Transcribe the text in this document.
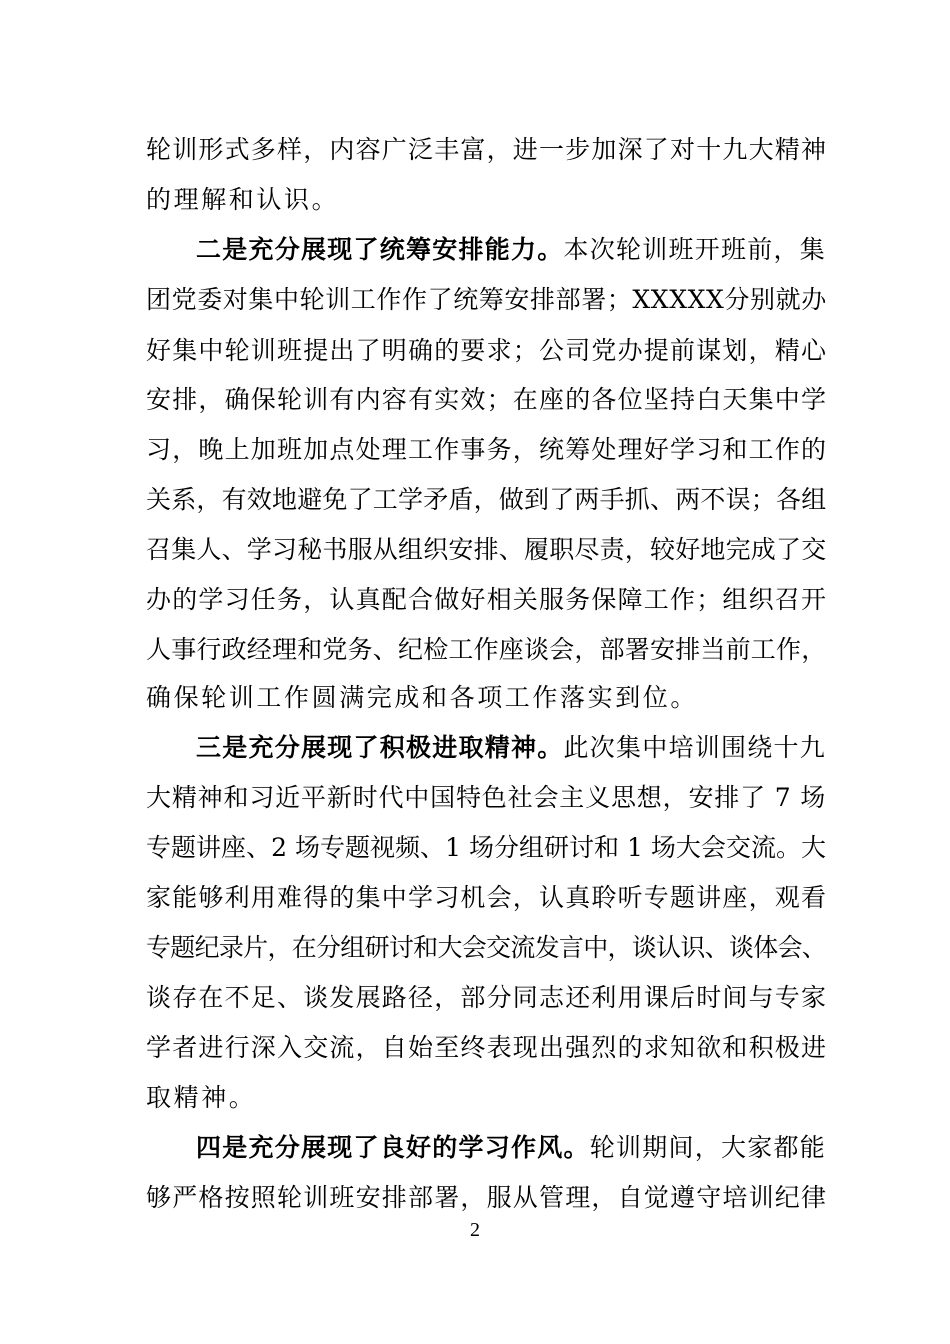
轮训形式多样，内容广泛丰富，进一步加深了对十九大精神
的理解和认识。
二是充分展现了统筹安排能力。本次轮训班开班前，集
团党委对集中轮训工作作了统筹安排部署；XXXXX分别就办
好集中轮训班提出了明确的要求；公司党办提前谋划，精心
安排，确保轮训有内容有实效；在座的各位坚持白天集中学
习，晚上加班加点处理工作事务，统筹处理好学习和工作的
关系，有效地避免了工学矛盾，做到了两手抓、两不误；各组
召集人、学习秘书服从组织安排、履职尽责，较好地完成了交
办的学习任务，认真配合做好相关服务保障工作；组织召开
人事行政经理和党务、纪检工作座谈会，部署安排当前工作，
确保轮训工作圆满完成和各项工作落实到位。
三是充分展现了积极进取精神。此次集中培训围绕十九
大精神和习近平新时代中国特色社会主义思想，安排了 7 场
专题讲座、2 场专题视频、1 场分组研讨和 1 场大会交流。大
家能够利用难得的集中学习机会，认真聆听专题讲座，观看
专题纪录片，在分组研讨和大会交流发言中，谈认识、谈体会、
谈存在不足、谈发展路径，部分同志还利用课后时间与专家
学者进行深入交流，自始至终表现出强烈的求知欲和积极进
取精神。
四是充分展现了良好的学习作风。轮训期间，大家都能
够严格按照轮训班安排部署，服从管理，自觉遵守培训纪律
2
